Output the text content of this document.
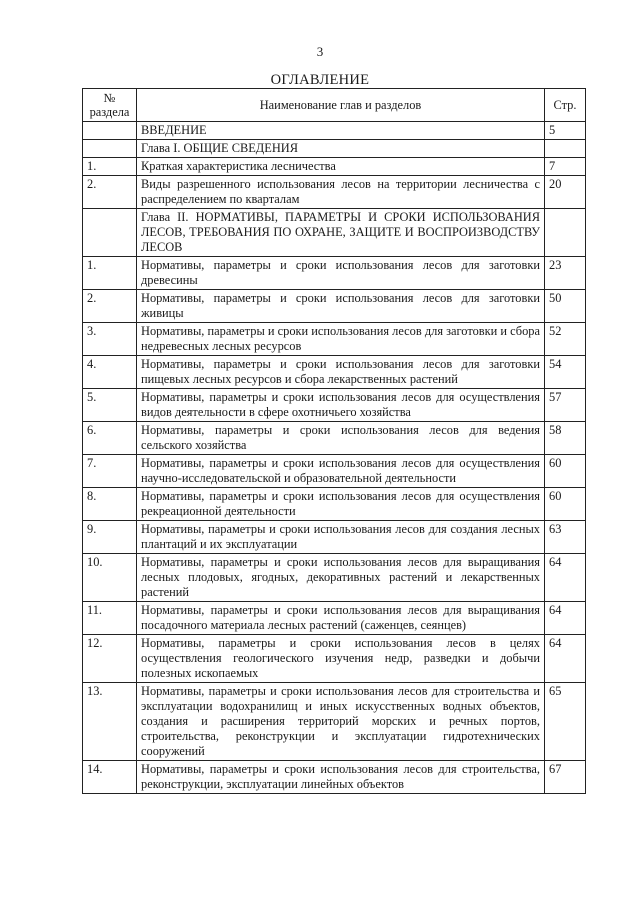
3
ОГЛАВЛЕНИЕ
№ раздела	Наименование глав и разделов	Стр.
	ВВЕДЕНИЕ	5
	Глава I. ОБЩИЕ СВЕДЕНИЯ	
1.	Краткая характеристика лесничества	7
2.	Виды разрешенного использования лесов на территории лесничества с распределением по кварталам	20
	Глава II. НОРМАТИВЫ, ПАРАМЕТРЫ И СРОКИ ИСПОЛЬЗОВАНИЯ ЛЕСОВ, ТРЕБОВАНИЯ ПО ОХРАНЕ, ЗАЩИТЕ И ВОСПРОИЗВОДСТВУ ЛЕСОВ	
1.	Нормативы, параметры и сроки использования лесов для заготовки древесины	23
2.	Нормативы, параметры и сроки использования лесов для заготовки живицы	50
3.	Нормативы, параметры и сроки использования лесов для заготовки и сбора недревесных лесных ресурсов	52
4.	Нормативы, параметры и сроки использования лесов для заготовки пищевых лесных ресурсов и сбора лекарственных растений	54
5.	Нормативы, параметры и сроки использования лесов для осуществления видов деятельности в сфере охотничьего хозяйства	57
6.	Нормативы, параметры и сроки использования лесов для ведения сельского хозяйства	58
7.	Нормативы, параметры и сроки использования лесов для осуществления научно-исследовательской и образовательной деятельности	60
8.	Нормативы, параметры и сроки использования лесов для осуществления рекреационной деятельности	60
9.	Нормативы, параметры и сроки использования лесов для создания лесных плантаций и их эксплуатации	63
10.	Нормативы, параметры и сроки использования лесов для выращивания лесных плодовых, ягодных, декоративных растений и лекарственных растений	64
11.	Нормативы, параметры и сроки использования лесов для выращивания посадочного материала лесных растений (саженцев, сеянцев)	64
12.	Нормативы, параметры и сроки использования лесов в целях осуществления геологического изучения недр, разведки и добычи полезных ископаемых	64
13.	Нормативы, параметры и сроки использования лесов для строительства и эксплуатации водохранилищ и иных искусственных водных объектов, создания и расширения территорий морских и речных портов, строительства, реконструкции и эксплуатации гидротехнических сооружений	65
14.	Нормативы, параметры и сроки использования лесов для строительства, реконструкции, эксплуатации линейных объектов	67
